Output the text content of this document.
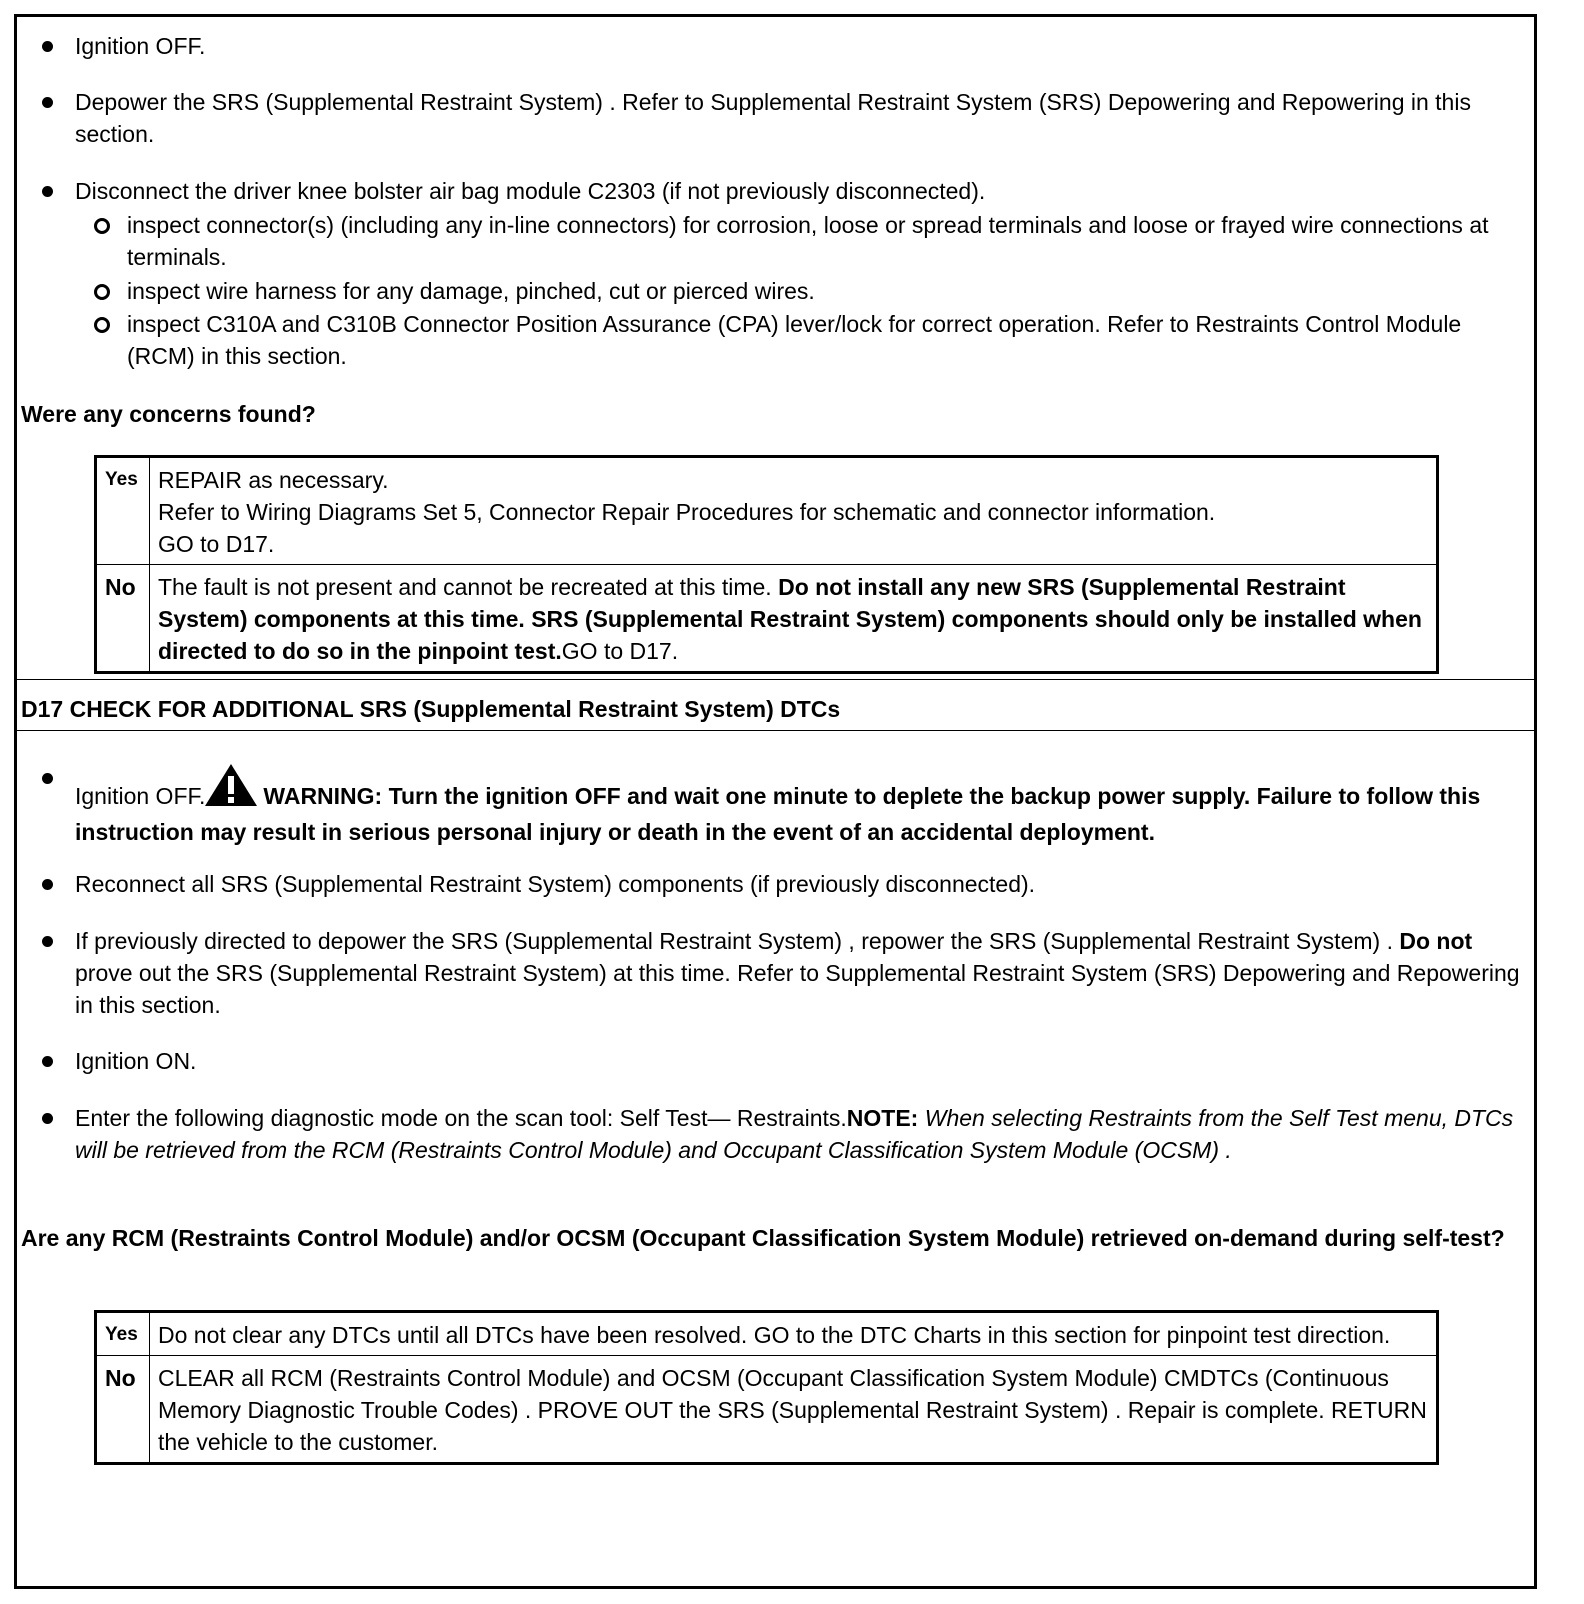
Ignition OFF.
Depower the SRS (Supplemental Restraint System) . Refer to Supplemental Restraint System (SRS) Depowering and Repowering in this section.
Disconnect the driver knee bolster air bag module C2303 (if not previously disconnected).
inspect connector(s) (including any in-line connectors) for corrosion, loose or spread terminals and loose or frayed wire connections at terminals.
inspect wire harness for any damage, pinched, cut or pierced wires.
inspect C310A and C310B Connector Position Assurance (CPA) lever/lock for correct operation. Refer to Restraints Control Module (RCM) in this section.
Were any concerns found?
Yes	REPAIR as necessary.
Refer to Wiring Diagrams Set 5, Connector Repair Procedures for schematic and connector information.
GO to D17.

No	The fault is not present and cannot be recreated at this time. Do not install any new SRS (Supplemental Restraint System) components at this time. SRS (Supplemental Restraint System) components should only be installed when directed to do so in the pinpoint test.GO to D17.
D17 CHECK FOR ADDITIONAL SRS (Supplemental Restraint System) DTCs
Ignition OFF.	WARNING: Turn the ignition OFF and wait one minute to deplete the backup power supply. Failure to follow this instruction may result in serious personal injury or death in the event of an accidental deployment.
Reconnect all SRS (Supplemental Restraint System) components (if previously disconnected).
If previously directed to depower the SRS (Supplemental Restraint System) , repower the SRS (Supplemental Restraint System) . Do not prove out the SRS (Supplemental Restraint System) at this time. Refer to Supplemental Restraint System (SRS) Depowering and Repowering in this section.
Ignition ON.
Enter the following diagnostic mode on the scan tool: Self Test— Restraints.NOTE: When selecting Restraints from the Self Test menu, DTCs will be retrieved from the RCM (Restraints Control Module) and Occupant Classification System Module (OCSM) .
Are any RCM (Restraints Control Module) and/or OCSM (Occupant Classification System Module) retrieved on-demand during self-test?
Yes	Do not clear any DTCs until all DTCs have been resolved. GO to the DTC Charts in this section for pinpoint test direction.
No	CLEAR all RCM (Restraints Control Module) and OCSM (Occupant Classification System Module) CMDTCs (Continuous Memory Diagnostic Trouble Codes) . PROVE OUT the SRS (Supplemental Restraint System) . Repair is complete. RETURN the vehicle to the customer.
